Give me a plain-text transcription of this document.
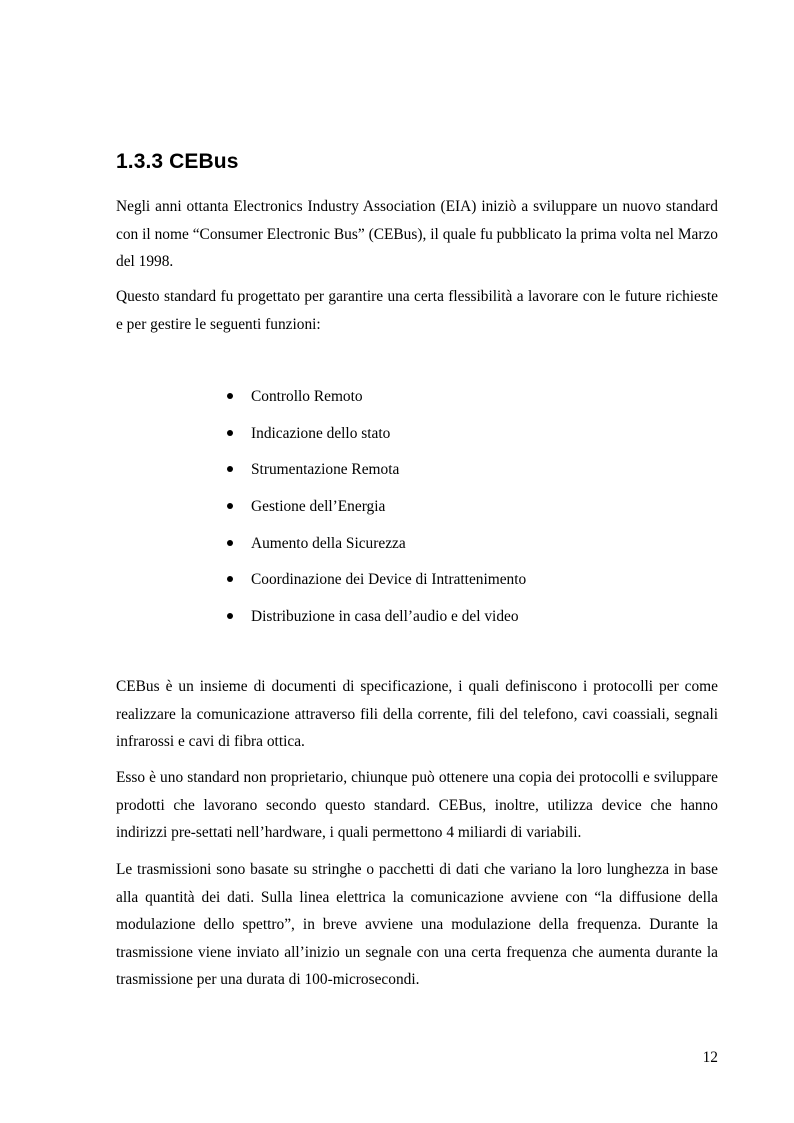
1.3.3 CEBus

Negli anni ottanta Electronics Industry Association (EIA) iniziò a sviluppare un nuovo standard con il nome “Consumer Electronic Bus” (CEBus), il quale fu pubblicato la prima volta nel Marzo del 1998.

Questo standard fu progettato per garantire una certa flessibilità a lavorare con le future richieste e per gestire le seguenti funzioni:

Controllo Remoto
Indicazione dello stato
Strumentazione Remota
Gestione dell’Energia
Aumento della Sicurezza
Coordinazione dei Device di Intrattenimento
Distribuzione in casa dell’audio e del video

CEBus è un insieme di documenti di specificazione, i quali definiscono i protocolli per come realizzare la comunicazione attraverso fili della corrente, fili del telefono, cavi coassiali, segnali infrarossi e cavi di fibra ottica.

Esso è uno standard non proprietario, chiunque può ottenere una copia dei protocolli e sviluppare prodotti che lavorano secondo questo standard. CEBus, inoltre, utilizza device che hanno indirizzi pre-settati nell’hardware, i quali permettono 4 miliardi di variabili.

Le trasmissioni sono basate su stringhe o pacchetti di dati che variano la loro lunghezza in base alla quantità dei dati. Sulla linea elettrica la comunicazione avviene con “la diffusione della modulazione dello spettro”, in breve avviene una modulazione della frequenza. Durante la trasmissione viene inviato all’inizio un segnale con una certa frequenza che aumenta durante la trasmissione per una durata di 100-microsecondi.

12
